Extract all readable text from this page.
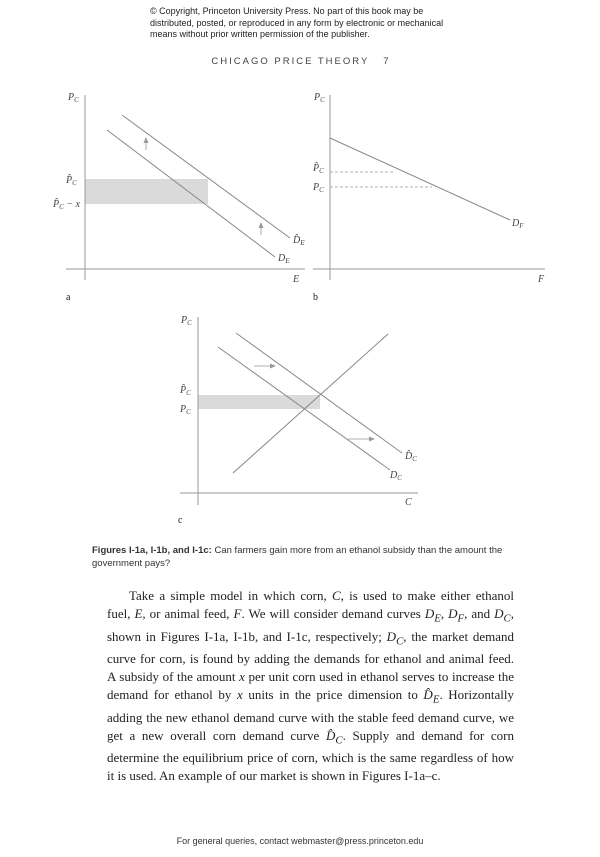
© Copyright, Princeton University Press. No part of this book may be
distributed, posted, or reproduced in any form by electronic or mechanical
means without prior written permission of the publisher.
CHICAGO PRICE THEORY 7
$P_C$
$P̂_C$
$P̂_C - x$
$D̂_E$
$D_E$
E
a
$P_C$
$P̂_C$
$P_C$
$D_F$
F
b
$P_C$
$P̂_C$
$P_C$
$D̂_C$
$D_C$
C
c
Figures I-1a, I-1b, and I-1c: Can farmers gain more from an ethanol subsidy than the amount the government pays?

Take a simple model in which corn, C, is used to make either ethanol fuel, E, or animal feed, F. We will consider demand curves $D_E$, $D_F$, and $D_C$, shown in Figures I-1a, I-1b, and I-1c, respectively; $D_C$, the market demand curve for corn, is found by adding the demands for ethanol and animal feed. A subsidy of the amount x per unit corn used in ethanol serves to increase the demand for ethanol by x units in the price dimension to $D̂_E$. Horizontally adding the new ethanol demand curve with the stable feed demand curve, we get a new overall corn demand curve $D̂_C$. Supply and demand for corn determine the equilibrium price of corn, which is the same regardless of how it is used. An example of our market is shown in Figures I-1a–c.

For general queries, contact webmaster@press.princeton.edu
